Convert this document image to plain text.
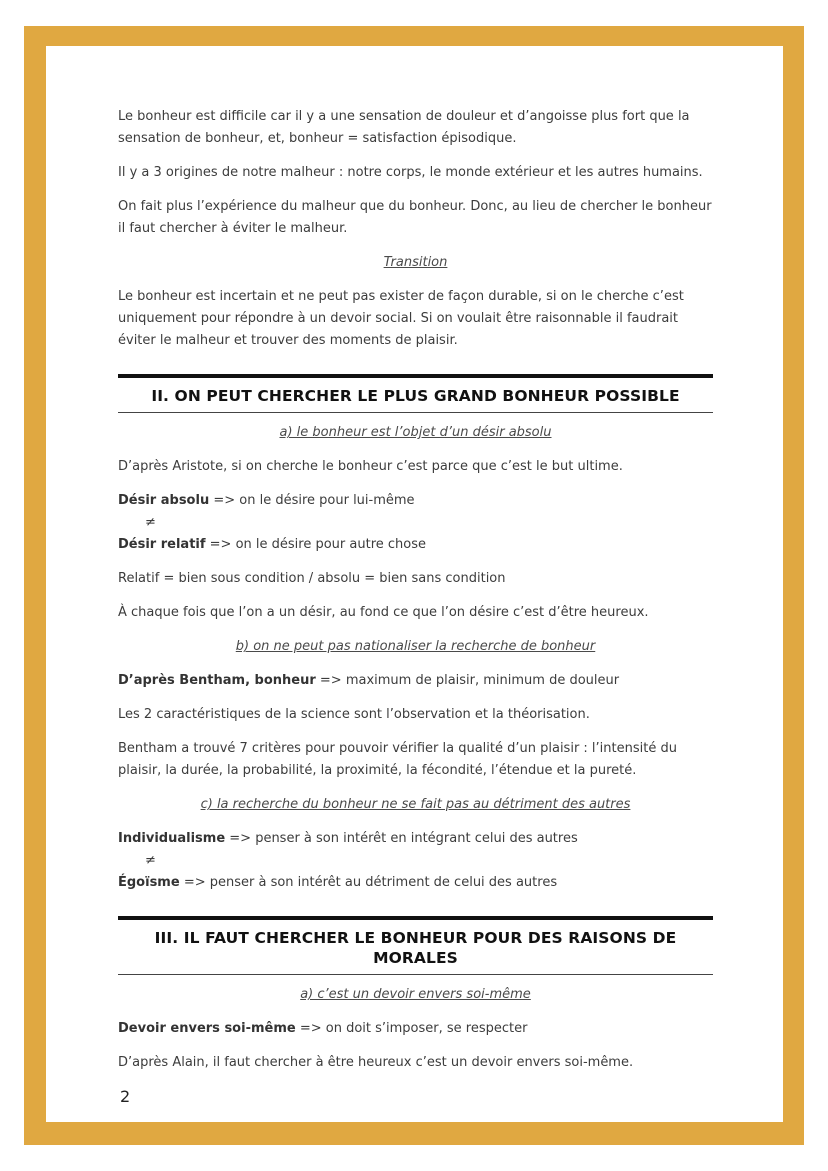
Le bonheur est difficile car il y a une sensation de douleur et d’angoisse plus fort que la sensation de bonheur, et, bonheur = satisfaction épisodique.

Il y a 3 origines de notre malheur : notre corps, le monde extérieur et les autres humains.

On fait plus l’expérience du malheur que du bonheur. Donc, au lieu de chercher le bonheur il faut chercher à éviter le malheur.

Transition

Le bonheur est incertain et ne peut pas exister de façon durable, si on le cherche c’est uniquement pour répondre à un devoir social. Si on voulait être raisonnable il faudrait éviter le malheur et trouver des moments de plaisir.

II. ON PEUT CHERCHER LE PLUS GRAND BONHEUR POSSIBLE

a) le bonheur est l’objet d’un désir absolu

D’après Aristote, si on cherche le bonheur c’est parce que c’est le but ultime.

Désir absolu => on le désire pour lui-même

≠

Désir relatif => on le désire pour autre chose

Relatif = bien sous condition / absolu = bien sans condition

À chaque fois que l’on a un désir, au fond ce que l’on désire c’est d’être heureux.

b) on ne peut pas nationaliser la recherche de bonheur

D’après Bentham, bonheur => maximum de plaisir, minimum de douleur

Les 2 caractéristiques de la science sont l’observation et la théorisation.

Bentham a trouvé 7 critères pour pouvoir vérifier la qualité d’un plaisir : l’intensité du plaisir, la durée, la probabilité, la proximité, la fécondité, l’étendue et la pureté.

c) la recherche du bonheur ne se fait pas au détriment des autres

Individualisme => penser à son intérêt en intégrant celui des autres

≠

Égoïsme => penser à son intérêt au détriment de celui des autres

III. IL FAUT CHERCHER LE BONHEUR POUR DES RAISONS DE MORALES

a) c’est un devoir envers soi-même

Devoir envers soi-même => on doit s’imposer, se respecter

D’après Alain, il faut chercher à être heureux c’est un devoir envers soi-même.

2
